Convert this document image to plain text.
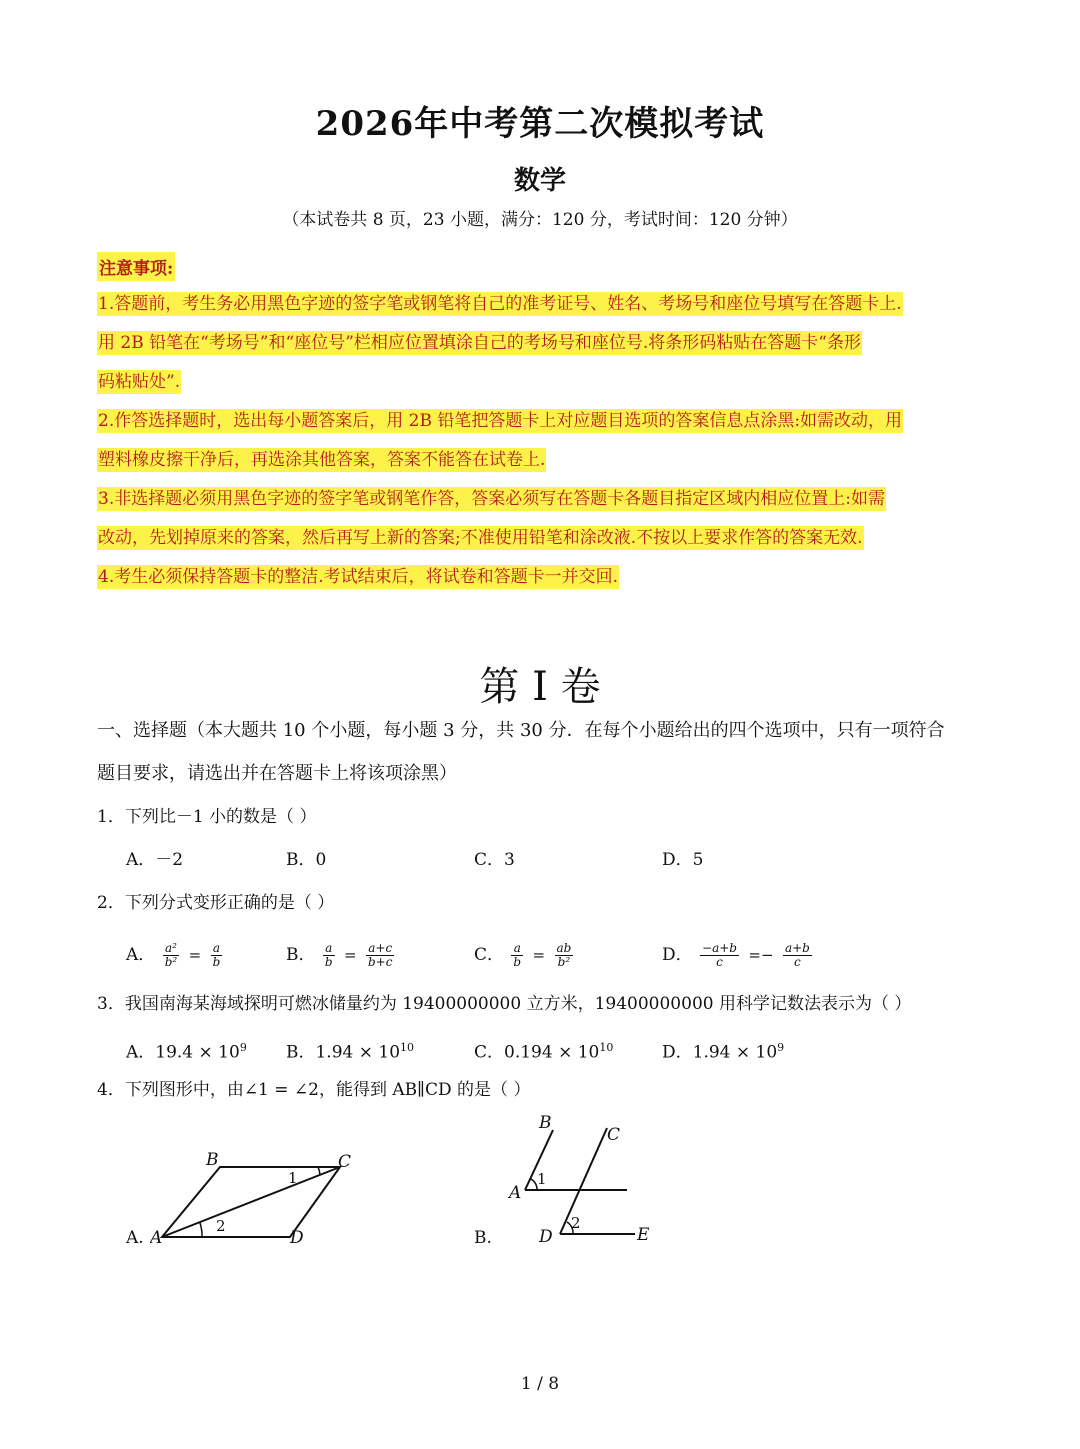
2026年中考第二次模拟考试
数学
（本试卷共 8 页，23 小题，满分：120 分，考试时间：120 分钟）
注意事项:
1.答题前，考生务必用黑色字迹的签字笔或钢笔将自己的准考证号、姓名、考场号和座位号填写在答题卡上.
用 2B 铅笔在“考场号”和“座位号”栏相应位置填涂自己的考场号和座位号.将条形码粘贴在答题卡“条形
码粘贴处”.
2.作答选择题时，选出每小题答案后，用 2B 铅笔把答题卡上对应题目选项的答案信息点涂黑:如需改动，用
塑料橡皮擦干净后，再选涂其他答案，答案不能答在试卷上.
3.非选择题必须用黑色字迹的签字笔或钢笔作答，答案必须写在答题卡各题目指定区域内相应位置上:如需
改动，先划掉原来的答案，然后再写上新的答案;不准使用铅笔和涂改液.不按以上要求作答的答案无效.
4.考生必须保持答题卡的整洁.考试结束后，将试卷和答题卡一并交回.
第 I 卷
一、选择题（本大题共 10 个小题，每小题 3 分，共 30 分．在每个小题给出的四个选项中，只有一项符合
题目要求，请选出并在答题卡上将该项涂黑）
1．下列比－1 小的数是（ ）
A．－2	B．0	C．3	D．5
2．下列分式变形正确的是（ ）
A． $\frac{\text{a²}}{\text{b²}} = \frac{a}{b}$	B． $\frac{a}{b} = \frac{a+c}{b+c}$	C． $\frac{a}{b} = \frac{ab}{\text{b²}}$	D． $\frac{-a+b}{c} =- \frac{a+b}{c}$
3．我国南海某海域探明可燃冰储量约为 19400000000 立方米，19400000000 用科学记数法表示为（ ）
A．$19.4 \times 10^9$ B．$1.94 \times 10^{10}$	C．$0.194 \times 10^{10}$	D．$1.94 \times 10^9$
4．下列图形中，由∠1 = ∠2，能得到 AB∥CD 的是（ ）
A.
B	C
A	D
1
2
B.
B
C
A
D	E
1
2
1 / 8
